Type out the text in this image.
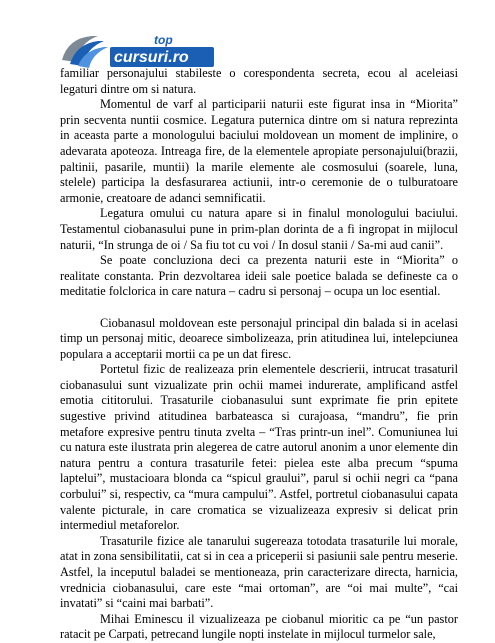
top
cursuri.ro

familiar personajului stabileste o corespondenta secreta, ecou al aceleiasi legaturi dintre om si natura.

Momentul de varf al participarii naturii este figurat insa in “Miorita” prin secventa nuntii cosmice. Legatura puternica dintre om si natura reprezinta in aceasta parte a monologului baciului moldovean un moment de implinire, o adevarata apoteoza. Intreaga fire, de la elementele apropiate personajului(brazii, paltinii, pasarile, muntii) la marile elemente ale cosmosului (soarele, luna, stelele) participa la desfasurarea actiunii, intr-o ceremonie de o tulburatoare armonie, creatoare de adanci semnificatii.

Legatura omului cu natura apare si in finalul monologului baciului. Testamentul ciobanasului pune in prim-plan dorinta de a fi ingropat in mijlocul naturii, “In strunga de oi / Sa fiu tot cu voi / In dosul stanii / Sa-mi aud canii”.

Se poate concluziona deci ca prezenta naturii este in “Miorita” o realitate constanta. Prin dezvoltarea ideii sale poetice balada se defineste ca o meditatie folclorica in care natura – cadru si personaj – ocupa un loc esential.

Ciobanasul moldovean este personajul principal din balada si in acelasi timp un personaj mitic, deoarece simbolizeaza, prin atitudinea lui, intelepciunea populara a acceptarii mortii ca pe un dat firesc.

Portetul fizic de realizeaza prin elementele descrierii, intrucat trasaturil ciobanasului sunt vizualizate prin ochii mamei indurerate, amplificand astfel emotia cititorului. Trasaturile ciobanasului sunt exprimate fie prin epitete sugestive privind atitudinea barbateasca si curajoasa, “mandru”, fie prin metafore expresive pentru tinuta zvelta – “Tras printr-un inel”. Comuniunea lui cu natura este ilustrata prin alegerea de catre autorul anonim a unor elemente din natura pentru a contura trasaturile fetei: pielea este alba precum “spuma laptelui”, mustacioara blonda ca “spicul graului”, parul si ochii negri ca “pana corbului” si, respectiv, ca “mura campului”. Astfel, portretul ciobanasului capata valente picturale, in care cromatica se vizualizeaza expresiv si delicat prin intermediul metaforelor.

Trasaturile fizice ale tanarului sugereaza totodata trasaturile lui morale, atat in zona sensibilitatii, cat si in cea a priceperii si pasiunii sale pentru meserie. Astfel, la inceputul baladei se mentioneaza, prin caracterizare directa, harnicia, vrednicia ciobanasului, care este “mai ortoman”, are “oi mai multe”, “cai invatati” si “caini mai barbati”.

Mihai Eminescu il vizualizeaza pe ciobanul mioritic ca pe “un pastor ratacit pe Carpati, petrecand lungile nopti instelate in mijlocul turmelor sale,
